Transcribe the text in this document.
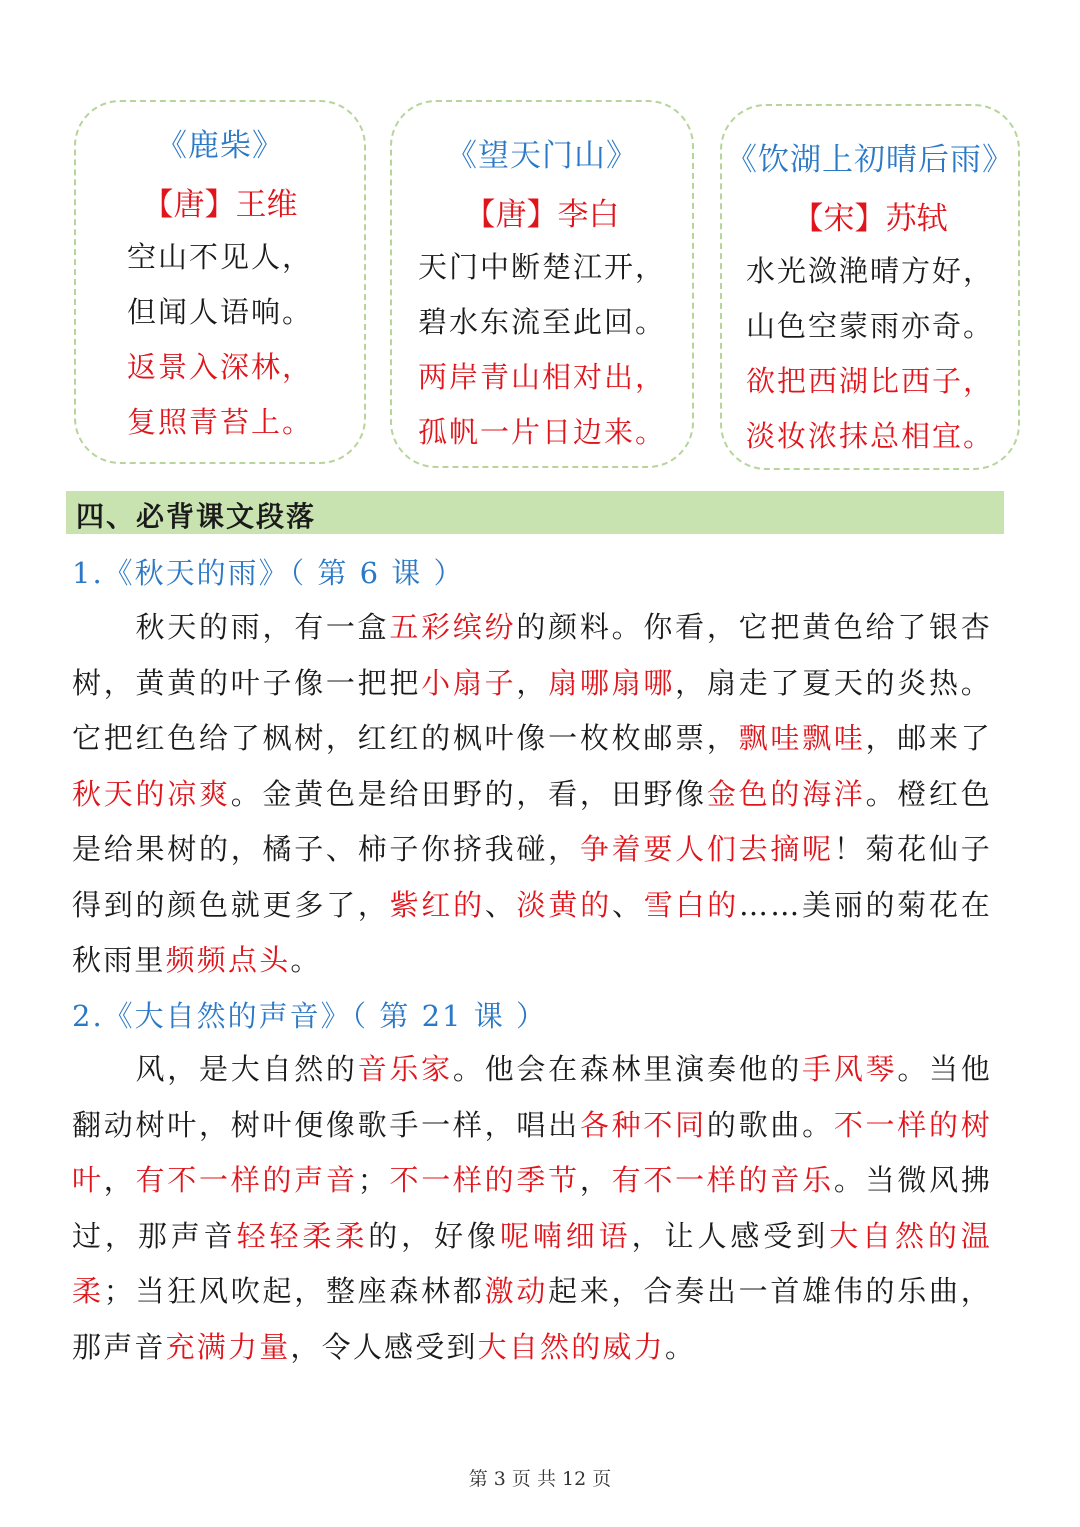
《鹿柴》
【唐】王维
空山不见人，
但闻人语响。
返景入深林，
复照青苔上。
《望天门山》
【唐】李白
天门中断楚江开，
碧水东流至此回。
两岸青山相对出，
孤帆一片日边来。
《饮湖上初晴后雨》
【宋】苏轼
水光潋滟晴方好，
山色空蒙雨亦奇。
欲把西湖比西子，
淡妆浓抹总相宜。
四、必背课文段落
1.《秋天的雨》（ 第 6 课 ）
　　秋天的雨，有一盒五彩缤纷的颜料。你看，它把黄色给了银杏树，黄黄的叶子像一把把小扇子，扇哪扇哪，扇走了夏天的炎热。它把红色给了枫树，红红的枫叶像一枚枚邮票，飘哇飘哇，邮来了秋天的凉爽。金黄色是给田野的，看，田野像金色的海洋。橙红色是给果树的，橘子、柿子你挤我碰，争着要人们去摘呢！菊花仙子得到的颜色就更多了，紫红的、淡黄的、雪白的……美丽的菊花在秋雨里频频点头。
2.《大自然的声音》（ 第 21 课 ）
　　风，是大自然的音乐家。他会在森林里演奏他的手风琴。当他翻动树叶，树叶便像歌手一样，唱出各种不同的歌曲。不一样的树叶，有不一样的声音；不一样的季节，有不一样的音乐。当微风拂过，那声音轻轻柔柔的，好像呢喃细语，让人感受到大自然的温柔；当狂风吹起，整座森林都激动起来，合奏出一首雄伟的乐曲，那声音充满力量，令人感受到大自然的威力。
第 3 页 共 12 页
